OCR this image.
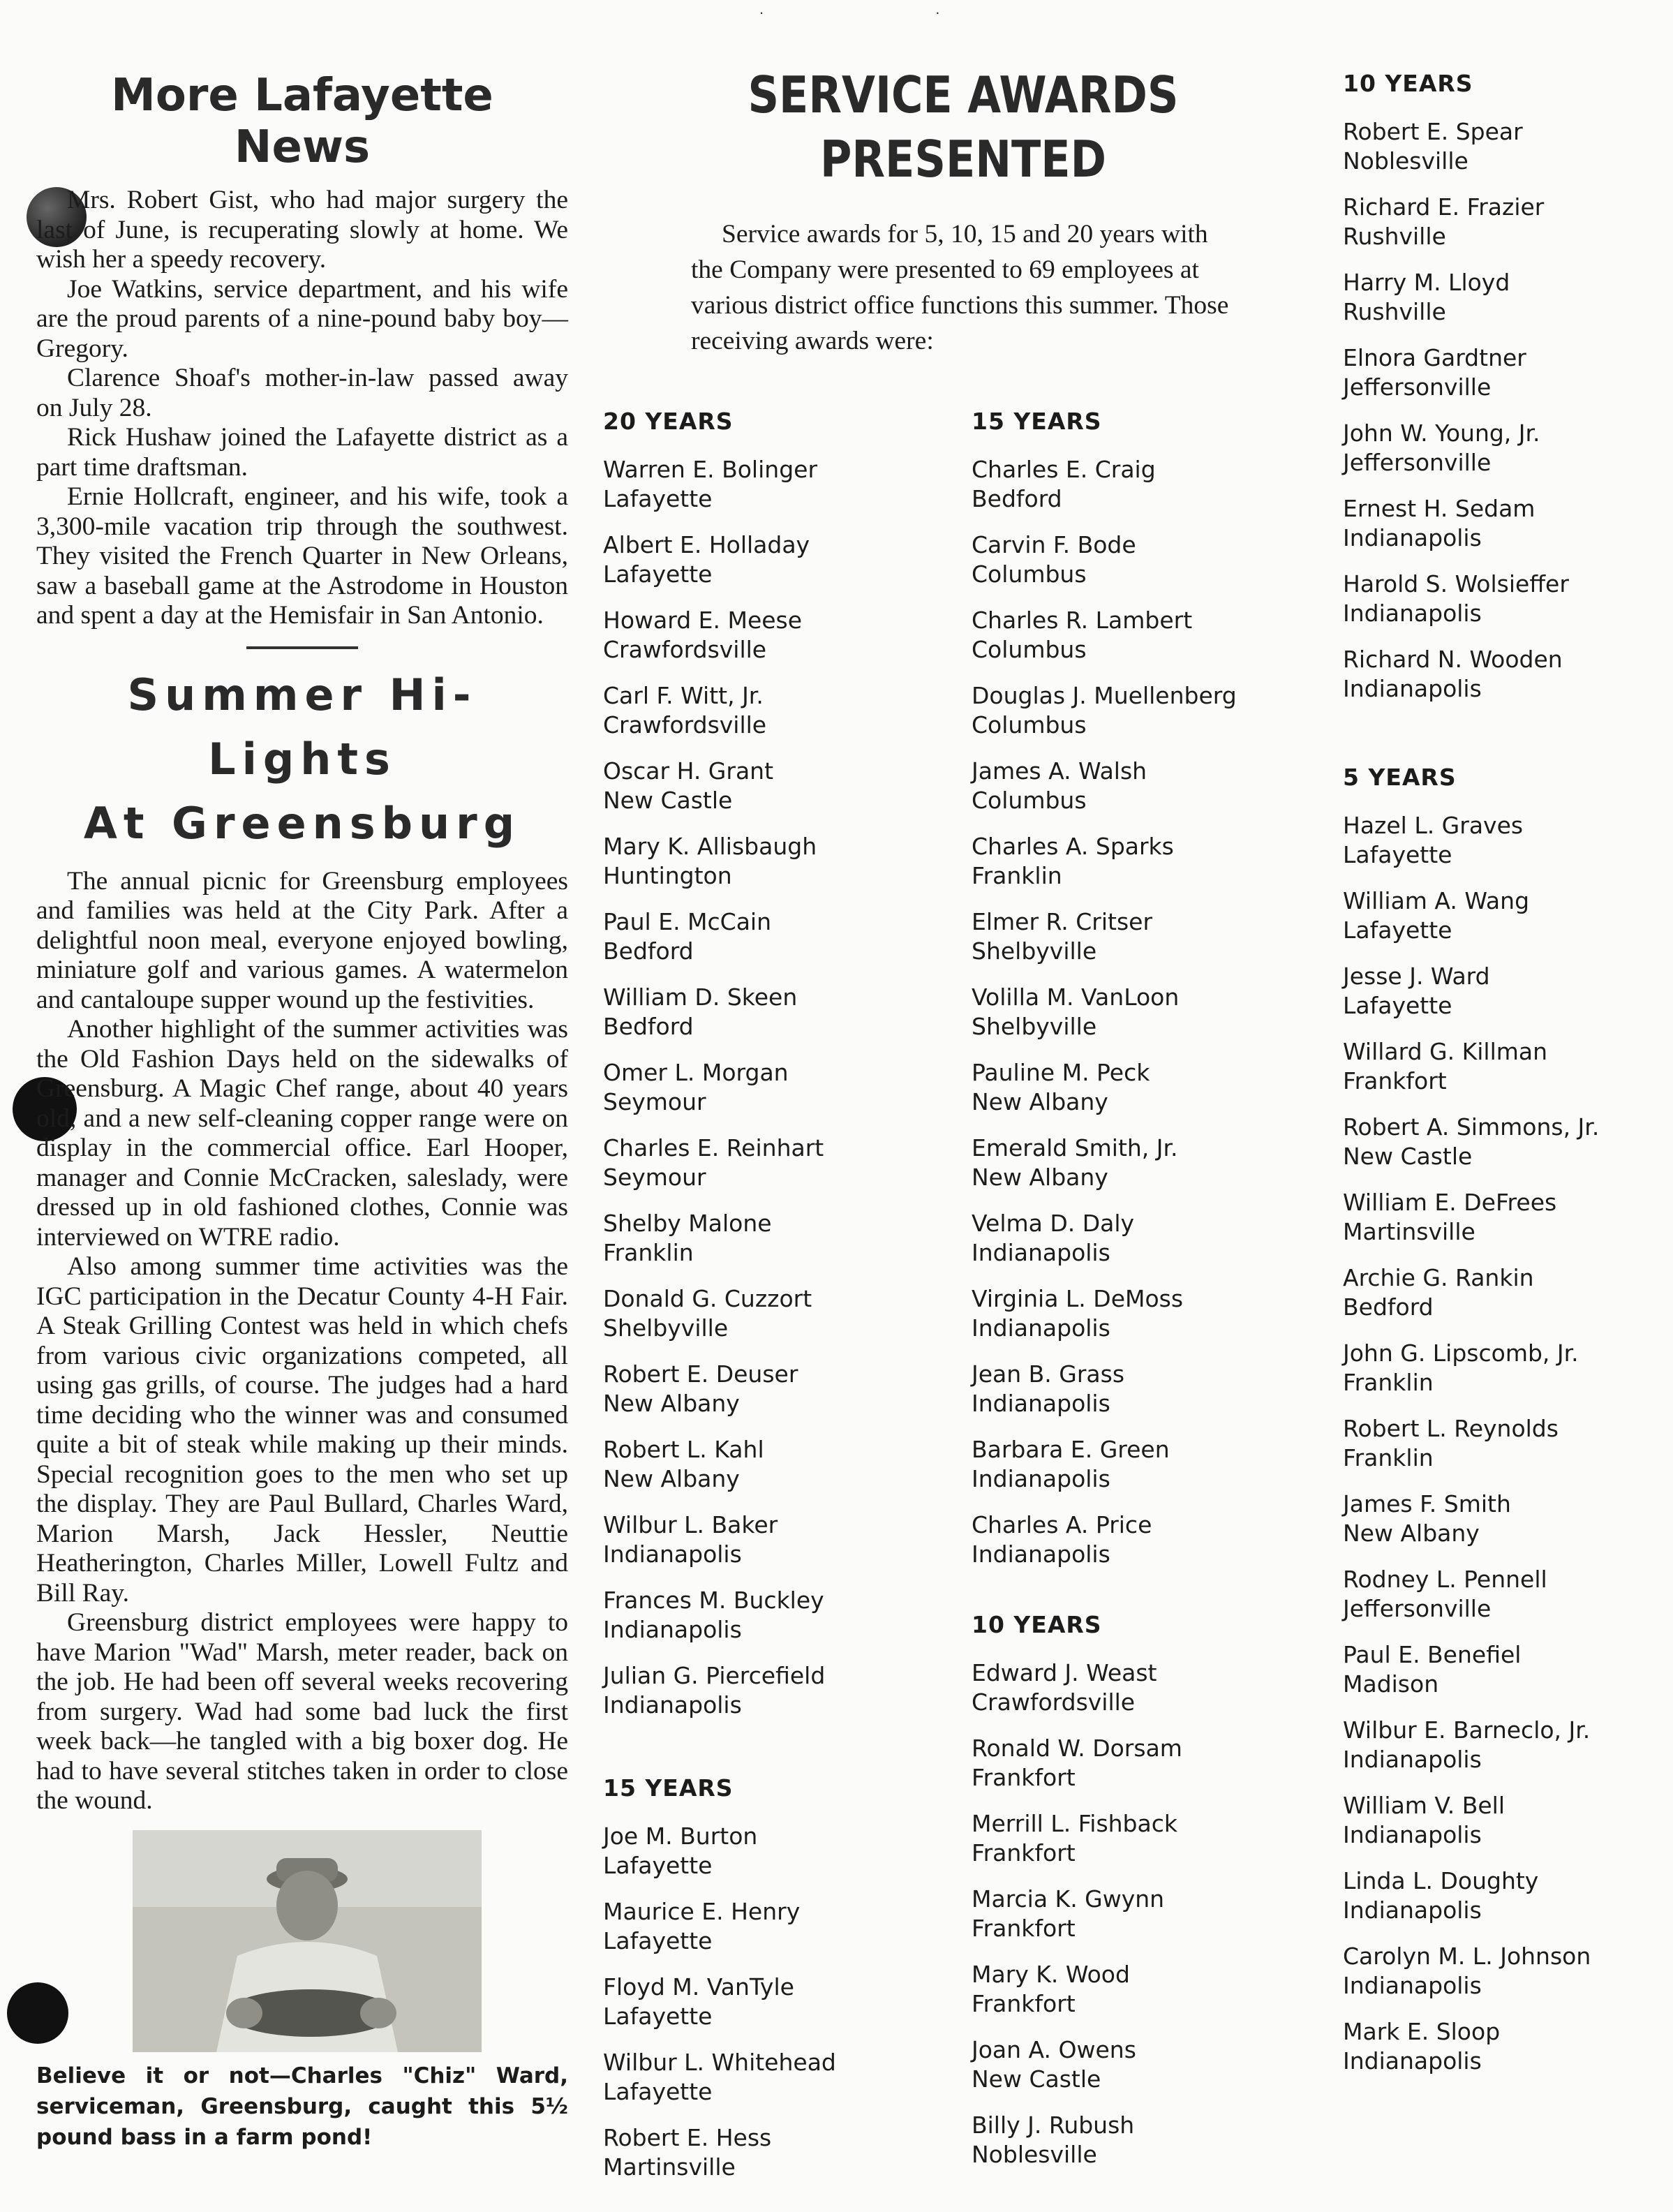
. .
More Lafayette News

Mrs. Robert Gist, who had major surgery the last of June, is recuperating slowly at home. We wish her a speedy recovery.

Joe Watkins, service department, and his wife are the proud parents of a nine-pound baby boy—Gregory.

Clarence Shoaf's mother-in-law passed away on July 28.

Rick Hushaw joined the Lafayette district as a part time draftsman.

Ernie Hollcraft, engineer, and his wife, took a 3,300-mile vacation trip through the southwest. They visited the French Quarter in New Orleans, saw a baseball game at the Astrodome in Houston and spent a day at the Hemisfair in San Antonio.

Summer Hi-Lights
At Greensburg

The annual picnic for Greensburg employees and families was held at the City Park. After a delightful noon meal, everyone enjoyed bowling, miniature golf and various games. A watermelon and cantaloupe supper wound up the festivities.

Another highlight of the summer activities was the Old Fashion Days held on the sidewalks of Greensburg. A Magic Chef range, about 40 years old, and a new self-cleaning copper range were on display in the commercial office. Earl Hooper, manager and Connie McCracken, saleslady, were dressed up in old fashioned clothes, Connie was interviewed on WTRE radio.

Also among summer time activities was the IGC participation in the Decatur County 4-H Fair. A Steak Grilling Contest was held in which chefs from various civic organizations competed, all using gas grills, of course. The judges had a hard time deciding who the winner was and consumed quite a bit of steak while making up their minds. Special recognition goes to the men who set up the display. They are Paul Bullard, Charles Ward, Marion Marsh, Jack Hessler, Neuttie Heatherington, Charles Miller, Lowell Fultz and Bill Ray.

Greensburg district employees were happy to have Marion "Wad" Marsh, meter reader, back on the job. He had been off several weeks recovering from surgery. Wad had some bad luck the first week back—he tangled with a big boxer dog. He had to have several stitches taken in order to close the wound.

Believe it or not—Charles "Chiz" Ward, serviceman, Greensburg, caught this 5½ pound bass in a farm pond!
SERVICE AWARDS
PRESENTED

Service awards for 5, 10, 15 and 20 years with the Company were presented to 69 employees at various district office functions this summer. Those receiving awards were:

20 YEARS
Warren E. Bolinger
Lafayette
Albert E. Holladay
Lafayette
Howard E. Meese
Crawfordsville
Carl F. Witt, Jr.
Crawfordsville
Oscar H. Grant
New Castle
Mary K. Allisbaugh
Huntington
Paul E. McCain
Bedford
William D. Skeen
Bedford
Omer L. Morgan
Seymour
Charles E. Reinhart
Seymour
Shelby Malone
Franklin
Donald G. Cuzzort
Shelbyville
Robert E. Deuser
New Albany
Robert L. Kahl
New Albany
Wilbur L. Baker
Indianapolis
Frances M. Buckley
Indianapolis
Julian G. Piercefield
Indianapolis
15 YEARS
Joe M. Burton
Lafayette
Maurice E. Henry
Lafayette
Floyd M. VanTyle
Lafayette
Wilbur L. Whitehead
Lafayette
Robert E. Hess
Martinsville
15 YEARS
Charles E. Craig
Bedford
Carvin F. Bode
Columbus
Charles R. Lambert
Columbus
Douglas J. Muellenberg
Columbus
James A. Walsh
Columbus
Charles A. Sparks
Franklin
Elmer R. Critser
Shelbyville
Volilla M. VanLoon
Shelbyville
Pauline M. Peck
New Albany
Emerald Smith, Jr.
New Albany
Velma D. Daly
Indianapolis
Virginia L. DeMoss
Indianapolis
Jean B. Grass
Indianapolis
Barbara E. Green
Indianapolis
Charles A. Price
Indianapolis
10 YEARS
Edward J. Weast
Crawfordsville
Ronald W. Dorsam
Frankfort
Merrill L. Fishback
Frankfort
Marcia K. Gwynn
Frankfort
Mary K. Wood
Frankfort
Joan A. Owens
New Castle
Billy J. Rubush
Noblesville
10 YEARS
Robert E. Spear
Noblesville
Richard E. Frazier
Rushville
Harry M. Lloyd
Rushville
Elnora Gardtner
Jeffersonville
John W. Young, Jr.
Jeffersonville
Ernest H. Sedam
Indianapolis
Harold S. Wolsieffer
Indianapolis
Richard N. Wooden
Indianapolis
5 YEARS
Hazel L. Graves
Lafayette
William A. Wang
Lafayette
Jesse J. Ward
Lafayette
Willard G. Killman
Frankfort
Robert A. Simmons, Jr.
New Castle
William E. DeFrees
Martinsville
Archie G. Rankin
Bedford
John G. Lipscomb, Jr.
Franklin
Robert L. Reynolds
Franklin
James F. Smith
New Albany
Rodney L. Pennell
Jeffersonville
Paul E. Benefiel
Madison
Wilbur E. Barneclo, Jr.
Indianapolis
William V. Bell
Indianapolis
Linda L. Doughty
Indianapolis
Carolyn M. L. Johnson
Indianapolis
Mark E. Sloop
Indianapolis
